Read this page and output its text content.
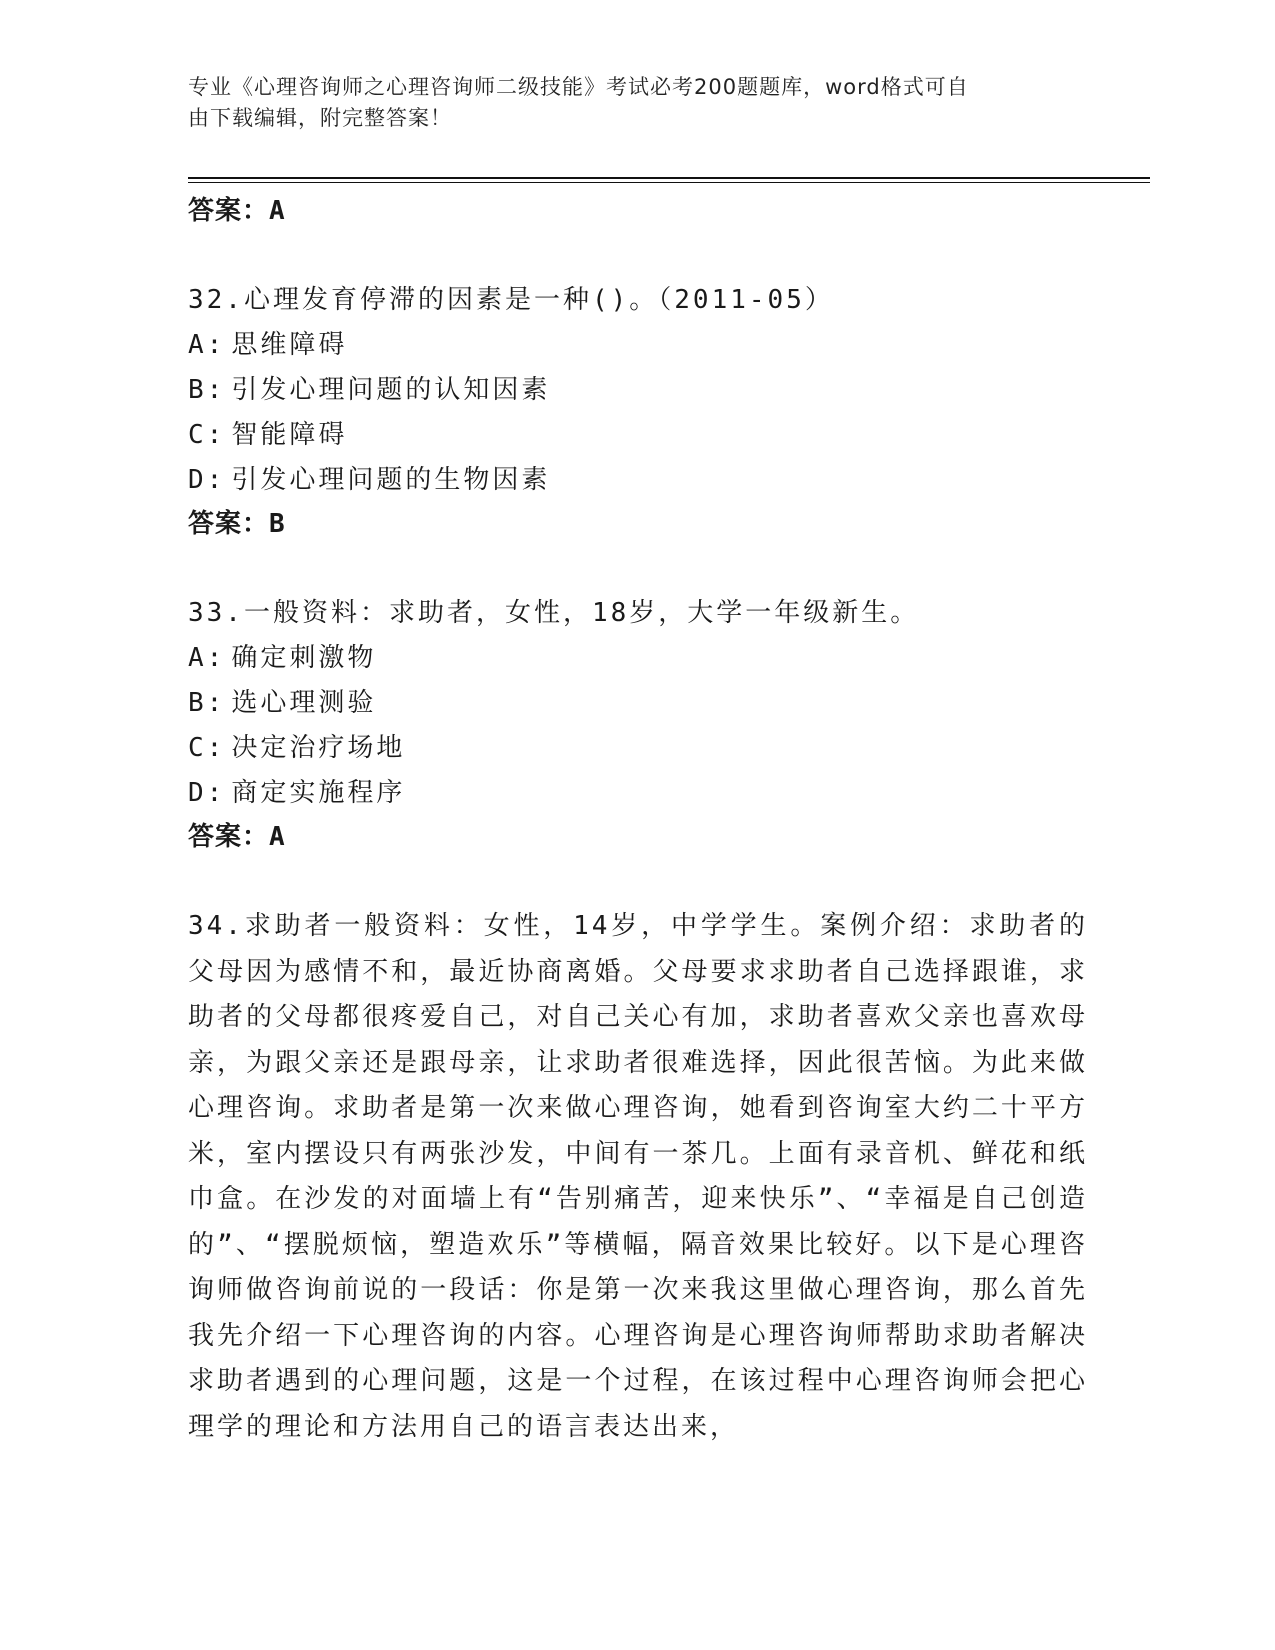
专业《心理咨询师之心理咨询师二级技能》考试必考200题题库，word格式可自
由下载编辑，附完整答案！

答案：A

32.心理发育停滞的因素是一种()。（2011-05）

A: 思维障碍

B: 引发心理问题的认知因素

C: 智能障碍

D: 引发心理问题的生物因素

答案：B

33.一般资料：求助者，女性，18岁，大学一年级新生。

A: 确定刺激物

B: 选心理测验

C: 决定治疗场地

D: 商定实施程序

答案：A

34.求助者一般资料：女性，14岁，中学学生。案例介绍：求助者的父母因为感情不和，最近协商离婚。父母要求求助者自己选择跟谁，求助者的父母都很疼爱自己，对自己关心有加，求助者喜欢父亲也喜欢母亲，为跟父亲还是跟母亲，让求助者很难选择，因此很苦恼。为此来做心理咨询。求助者是第一次来做心理咨询，她看到咨询室大约二十平方米，室内摆设只有两张沙发，中间有一茶几。上面有录音机、鲜花和纸巾盒。在沙发的对面墙上有“告别痛苦，迎来快乐”、“幸福是自己创造的”、“摆脱烦恼，塑造欢乐”等横幅，隔音效果比较好。以下是心理咨询师做咨询前说的一段话：你是第一次来我这里做心理咨询，那么首先我先介绍一下心理咨询的内容。心理咨询是心理咨询师帮助求助者解决求助者遇到的心理问题，这是一个过程，在该过程中心理咨询师会把心理学的理论和方法用自己的语言表达出来，
